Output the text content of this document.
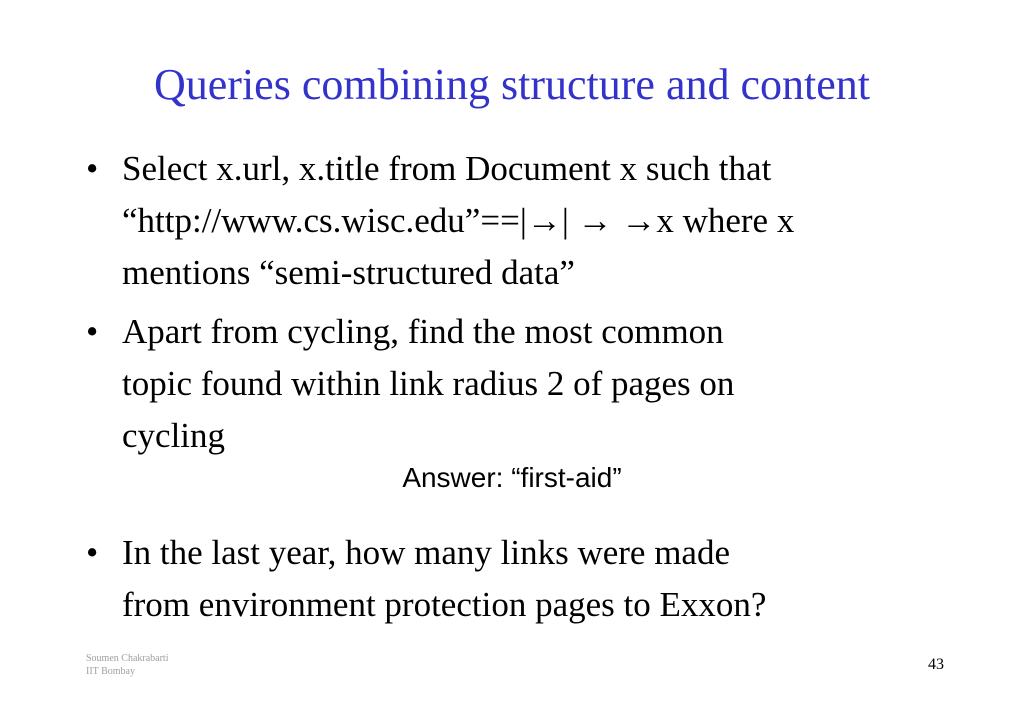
Queries combining structure and content
• Select x.url, x.title from Document x such that
“http://www.cs.wisc.edu”==|→| → →x where x
mentions “semi-structured data”
• Apart from cycling, find the most common
topic found within link radius 2 of pages on
cycling
• In the last year, how many links were made
from environment protection pages to Exxon?
Answer: “first-aid”
Soumen Chakrabarti
IIT Bombay	43
